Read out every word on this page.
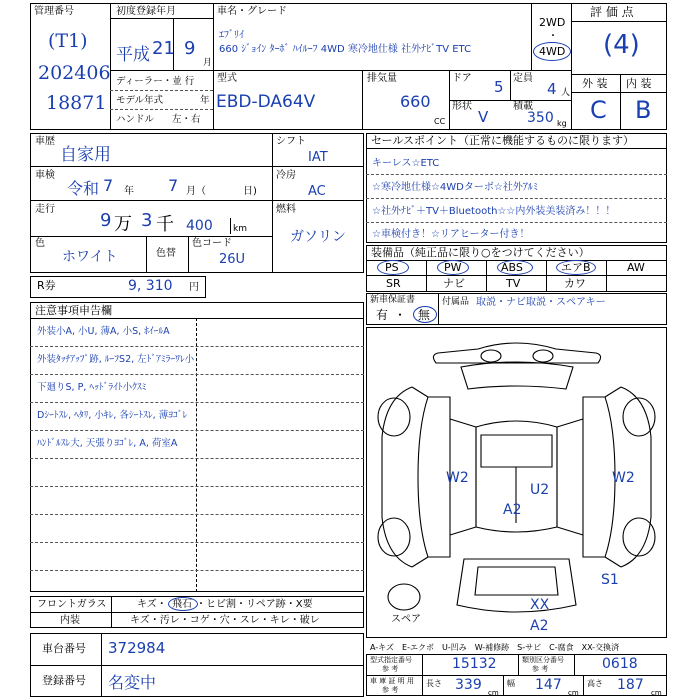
管理番号
(T1)
202406
18871
初度登録年月
平成 21 9
月
ディーラー・並 行
モデル年式	年
ハンドル 左・右
車名・グレード
ｴﾌﾞﾘｲ
660 ｼﾞｮｲﾝ ﾀｰﾎﾞ ﾊｲﾙｰﾌ 4WD 寒冷地仕様 社外ﾅﾋﾞTV ETC
2WD
・
4WD
型式
EBD-DA64V
排気量
660
CC
ドア 5 定員
4 人
形状
V
積載
350 kg
評 価 点
(4)
外 装 内 装
C B
車歴
自家用
車検
令和 7 年 7 月（	日)
走行
9 万 3 千 400 km
色
ホワイト	色替
色コード
26U
シフト
IAT
冷房
AC
燃料
ガソリン
R券	9, 310 円
セールスポイント（正常に機能するものに限ります）
キーレス☆ETC
☆寒冷地仕様☆4WDターボ☆社外ｱﾙﾐ
☆社外ﾅﾋﾞ＋TV＋Bluetooth☆☆内外装美装済み！！！
☆車検付き！☆リアヒーター付き！
装備品（純正品に限り○をつけてください）
PS	PW	ABS	エアB	AW
SR	ナビ	TV	カワ
新車保証書
有 ・ 無
付属品 取説・ナビ取説・スペアキー
注意事項申告欄
外装小A, 小U, 薄A, 小S, ﾎｲｰﾙA
外装ﾀｯﾁｱｯﾌﾟ跡, ﾙｰﾌS2, 左ﾄﾞｱﾐﾗｰﾜﾚ小
下廻りS, P, ﾍｯﾄﾞﾗｲﾄ小ｸｽﾐ
Dｼｰﾄｽﾚ, ﾍﾀﾘ, 小ｷﾚ, 各ｼｰﾄｽﾚ, 薄ﾖｺﾞﾚ
ﾊﾝﾄﾞﾙｽﾚ大, 天張りﾖｺﾞﾚ, A, 荷室A
フロントガラス
内装
キズ・ 飛石 ・ヒビ割・リペア跡・X要
キズ・汚レ・コゲ・穴・スレ・キレ・破レ
W2	W2
U2
A2
S1
XX
A2
スペア
車台番号 372984
登録番号 名変中
A-キズ　E-エクボ　U-凹み　W-補修跡　S-サビ　C-腐食　XX-交換済
型式指定番号
参 考	15132	類別区分番号
参 考	0618
車 庫 証 明 用
参 考
長さ 339 cm
幅 147 cm
高さ 187 cm
